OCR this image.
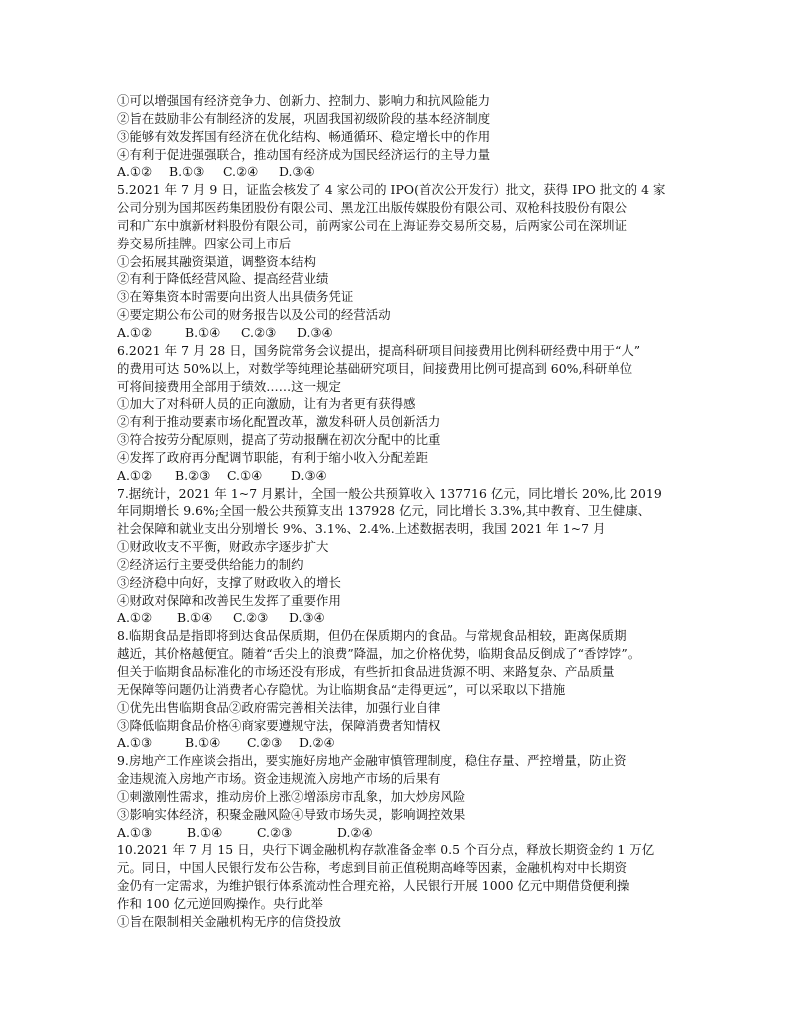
①可以增强国有经济竞争力、创新力、控制力、影响力和抗风险能力
②旨在鼓励非公有制经济的发展，巩固我国初级阶段的基本经济制度
③能够有效发挥国有经济在优化结构、畅通循环、稳定增长中的作用
④有利于促进强强联合，推动国有经济成为国民经济运行的主导力量
A.①②	B.①③	C.②④	D.③④
5.2021 年 7 月 9 日，证监会核发了 4 家公司的 IPO(首次公开发行）批文，获得 IPO 批文的 4 家
公司分别为国邦医药集团股份有限公司、黑龙江出版传媒股份有限公司、双枪科技股份有限公
司和广东中旗新材料股份有限公司，前两家公司在上海证券交易所交易，后两家公司在深圳证
券交易所挂牌。四家公司上市后
①会拓展其融资渠道，调整资本结构
②有利于降低经营风险、提高经营业绩
③在筹集资本时需要向出资人出具债务凭证
④要定期公布公司的财务报告以及公司的经营活动
A.①②	B.①④	C.②③	D.③④
6.2021 年 7 月 28 日，国务院常务会议提出，提高科研项目间接费用比例科研经费中用于“人”
的费用可达 50%以上，对数学等纯理论基础研究项目，间接费用比例可提高到 60%,科研单位
可将间接费用全部用于绩效……这一规定
①加大了对科研人员的正向激励，让有为者更有获得感
②有利于推动要素市场化配置改革，激发科研人员创新活力
③符合按劳分配原则，提高了劳动报酬在初次分配中的比重
④发挥了政府再分配调节职能，有利于缩小收入分配差距
A.①②	B.②③	C.①④	D.③④
7.据统计，2021 年 1~7 月累计，全国一般公共预算收入 137716 亿元，同比增长 20%,比 2019
年同期增长 9.6%;全国一般公共预算支出 137928 亿元，同比增长 3.3%,其中教育、卫生健康、
社会保障和就业支出分别增长 9%、3.1%、2.4%.上述数据表明，我国 2021 年 1~7 月
①财政收支不平衡，财政赤字逐步扩大
②经济运行主要受供给能力的制约
③经济稳中向好，支撑了财政收入的增长
④财政对保障和改善民生发挥了重要作用
A.①②	B.①④	C.②③	D.③④
8.临期食品是指即将到达食品保质期，但仍在保质期内的食品。与常规食品相较，距离保质期
越近，其价格越便宜。随着“舌尖上的浪费”降温，加之价格优势，临期食品反倒成了“香饽饽”。
但关于临期食品标准化的市场还没有形成，有些折扣食品进货源不明、来路复杂、产品质量
无保障等问题仍让消费者心存隐忧。为让临期食品“走得更远”，可以采取以下措施
①优先出售临期食品②政府需完善相关法律，加强行业自律
③降低临期食品价格④商家要遵规守法，保障消费者知情权
A.①③	B.①④	C.②③	D.②④
9.房地产工作座谈会指出，要实施好房地产金融审慎管理制度，稳住存量、严控增量，防止资
金违规流入房地产市场。资金违规流入房地产市场的后果有
①刺激刚性需求，推动房价上涨②增添房市乱象，加大炒房风险
③影响实体经济，积聚金融风险④导致市场失灵，影响调控效果
A.①③	B.①④	C.②③	D.②④
10.2021 年 7 月 15 日，央行下调金融机构存款准备金率 0.5 个百分点，释放长期资金约 1 万亿
元。同日，中国人民银行发布公告称，考虑到目前正值税期高峰等因素，金融机构对中长期资
金仍有一定需求，为维护银行体系流动性合理充裕，人民银行开展 1000 亿元中期借贷便利操
作和 100 亿元逆回购操作。央行此举
①旨在限制相关金融机构无序的信贷投放
